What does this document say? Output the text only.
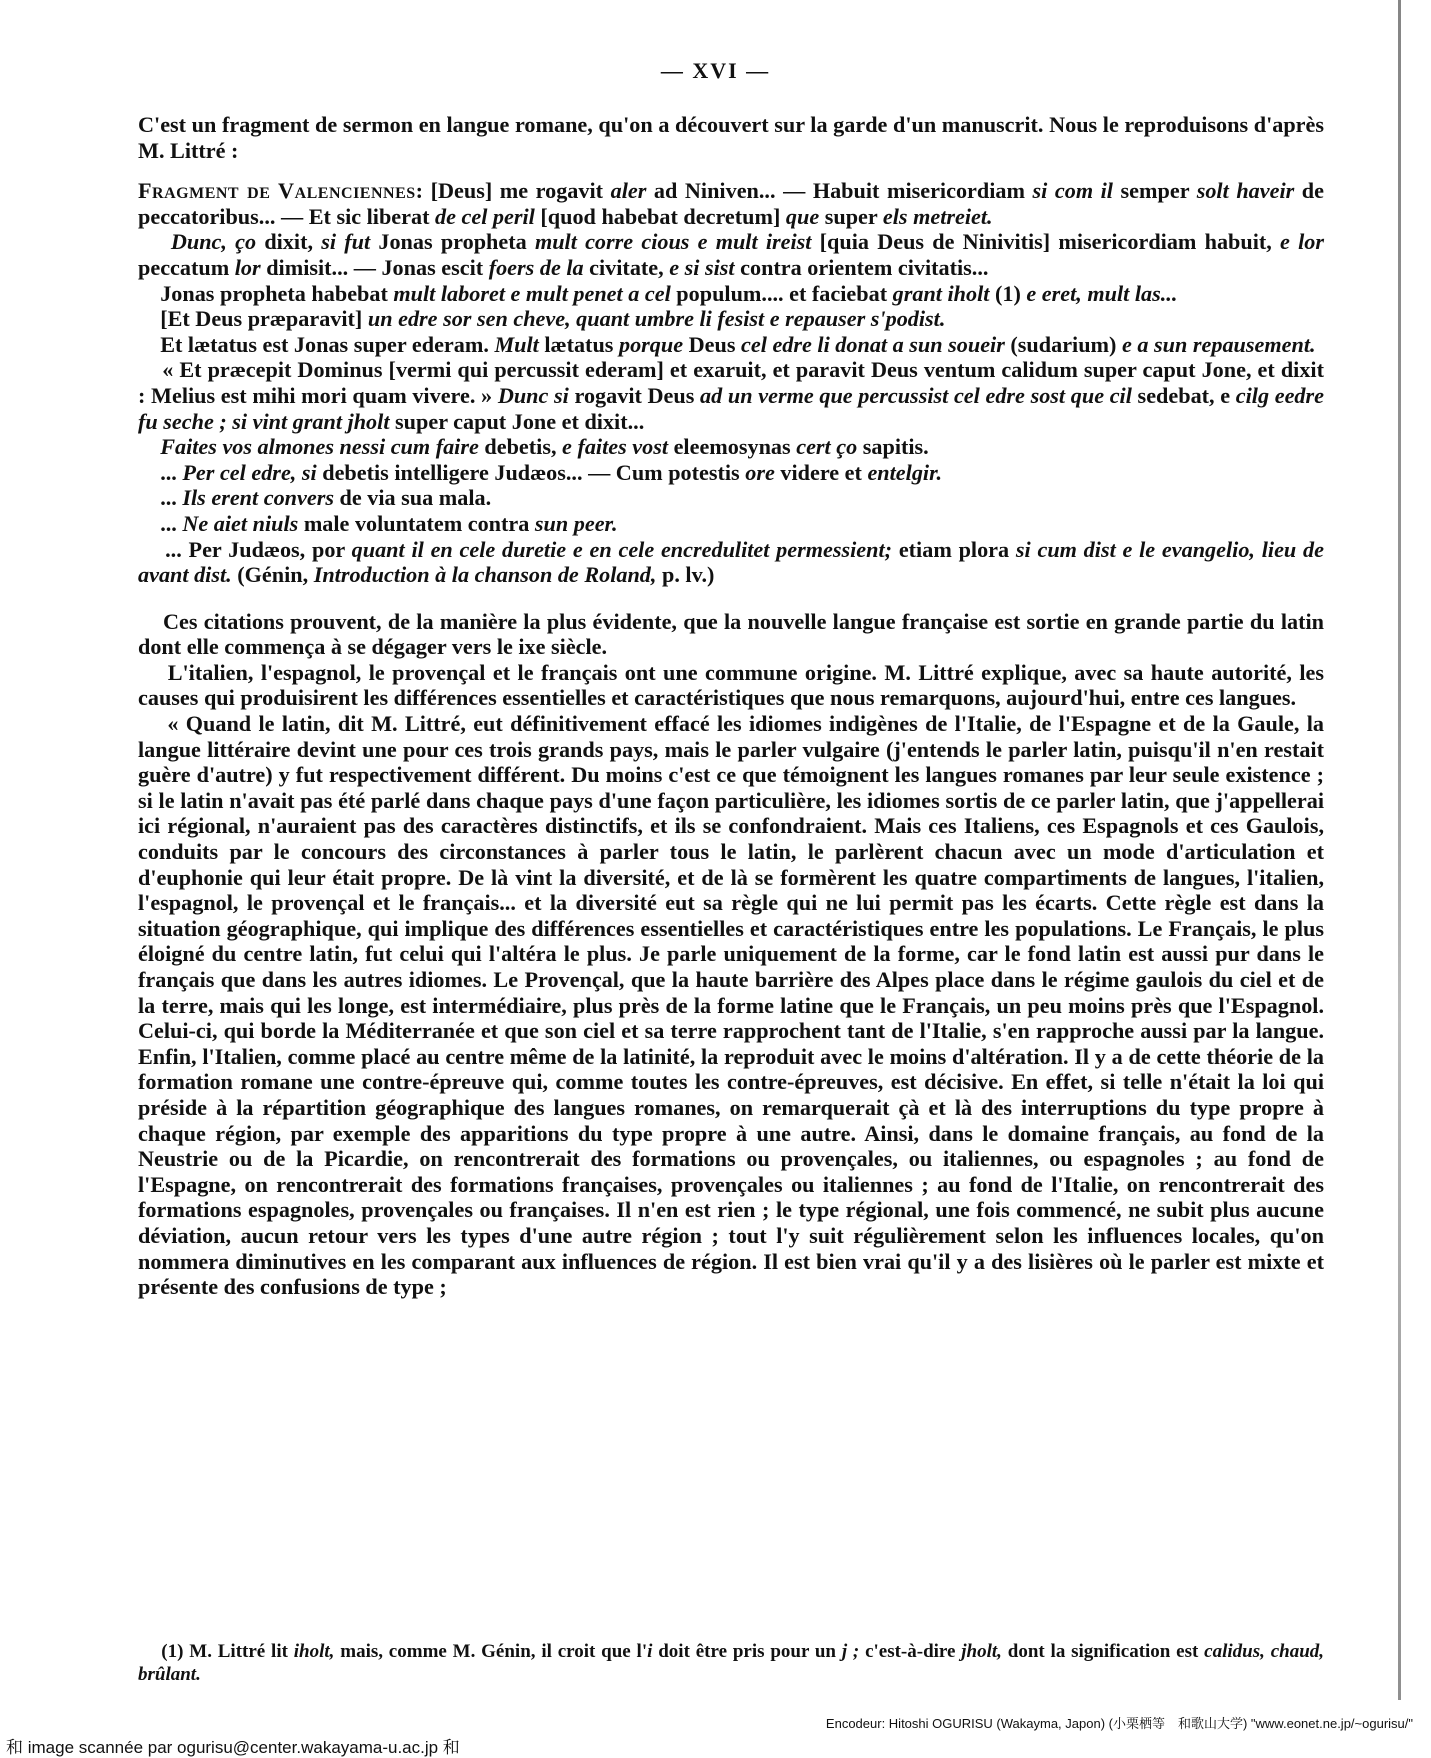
— XVI —

C'est un fragment de sermon en langue romane, qu'on a découvert sur la garde d'un manuscrit. Nous le reproduisons d'après M. Littré :

Fragment de Valenciennes: [Deus] me rogavit aler ad Niniven... — Habuit misericordiam si com il semper solt haveir de peccatoribus... — Et sic liberat de cel peril [quod habebat decretum] que super els metreiet.

Dunc, ço dixit, si fut Jonas propheta mult corre cious e mult ireist [quia Deus de Ninivitis] misericordiam habuit, e lor peccatum lor dimisit... — Jonas escit foers de la civitate, e si sist contra orientem civitatis...

Jonas propheta habebat mult laboret e mult penet a cel populum.... et faciebat grant iholt (1) e eret, mult las...

[Et Deus præparavit] un edre sor sen cheve, quant umbre li fesist e repauser s'podist.

Et lætatus est Jonas super ederam. Mult lætatus porque Deus cel edre li donat a sun soueir (sudarium) e a sun repausement.

« Et præcepit Dominus [vermi qui percussit ederam] et exaruit, et paravit Deus ventum calidum super caput Jone, et dixit : Melius est mihi mori quam vivere. » Dunc si rogavit Deus ad un verme que percussist cel edre sost que cil sedebat, e cilg eedre fu seche ; si vint grant jholt super caput Jone et dixit...

Faites vos almones nessi cum faire debetis, e faites vost eleemosynas cert ço sapitis.

... Per cel edre, si debetis intelligere Judæos... — Cum potestis ore videre et entelgir.

... Ils erent convers de via sua mala.

... Ne aiet niuls male voluntatem contra sun peer.

... Per Judæos, por quant il en cele duretie e en cele encredulitet permessient; etiam plora si cum dist e le evangelio, lieu de avant dist. (Génin, Introduction à la chanson de Roland, p. lv.)

Ces citations prouvent, de la manière la plus évidente, que la nouvelle langue française est sortie en grande partie du latin dont elle commença à se dégager vers le ixe siècle.

L'italien, l'espagnol, le provençal et le français ont une commune origine. M. Littré explique, avec sa haute autorité, les causes qui produisirent les différences essentielles et caractéristiques que nous remarquons, aujourd'hui, entre ces langues.

« Quand le latin, dit M. Littré, eut définitivement effacé les idiomes indigènes de l'Italie, de l'Espagne et de la Gaule, la langue littéraire devint une pour ces trois grands pays, mais le parler vulgaire (j'entends le parler latin, puisqu'il n'en restait guère d'autre) y fut respectivement différent. Du moins c'est ce que témoignent les langues romanes par leur seule existence ; si le latin n'avait pas été parlé dans chaque pays d'une façon particulière, les idiomes sortis de ce parler latin, que j'appellerai ici régional, n'auraient pas des caractères distinctifs, et ils se confondraient. Mais ces Italiens, ces Espagnols et ces Gaulois, conduits par le concours des circonstances à parler tous le latin, le parlèrent chacun avec un mode d'articulation et d'euphonie qui leur était propre. De là vint la diversité, et de là se formèrent les quatre compartiments de langues, l'italien, l'espagnol, le provençal et le français... et la diversité eut sa règle qui ne lui permit pas les écarts. Cette règle est dans la situation géographique, qui implique des différences essentielles et caractéristiques entre les populations. Le Français, le plus éloigné du centre latin, fut celui qui l'altéra le plus. Je parle uniquement de la forme, car le fond latin est aussi pur dans le français que dans les autres idiomes. Le Provençal, que la haute barrière des Alpes place dans le régime gaulois du ciel et de la terre, mais qui les longe, est intermédiaire, plus près de la forme latine que le Français, un peu moins près que l'Espagnol. Celui-ci, qui borde la Méditerranée et que son ciel et sa terre rapprochent tant de l'Italie, s'en rapproche aussi par la langue. Enfin, l'Italien, comme placé au centre même de la latinité, la reproduit avec le moins d'altération. Il y a de cette théorie de la formation romane une contre-épreuve qui, comme toutes les contre-épreuves, est décisive. En effet, si telle n'était la loi qui préside à la répartition géographique des langues romanes, on remarquerait çà et là des interruptions du type propre à chaque région, par exemple des apparitions du type propre à une autre. Ainsi, dans le domaine français, au fond de la Neustrie ou de la Picardie, on rencontrerait des formations ou provençales, ou italiennes, ou espagnoles ; au fond de l'Espagne, on rencontrerait des formations françaises, provençales ou italiennes ; au fond de l'Italie, on rencontrerait des formations espagnoles, provençales ou françaises. Il n'en est rien ; le type régional, une fois commencé, ne subit plus aucune déviation, aucun retour vers les types d'une autre région ; tout l'y suit régulièrement selon les influences locales, qu'on nommera diminutives en les comparant aux influences de région. Il est bien vrai qu'il y a des lisières où le parler est mixte et présente des confusions de type ;

(1) M. Littré lit iholt, mais, comme M. Génin, il croit que l'i doit être pris pour un j ; c'est-à-dire jholt, dont la signification est calidus, chaud, brûlant.
Encodeur: Hitoshi OGURISU (Wakayma, Japon) (小栗栖等　和歌山大学) "www.eonet.ne.jp/~ogurisu/"
和 image scannée par ogurisu@center.wakayama-u.ac.jp 和
